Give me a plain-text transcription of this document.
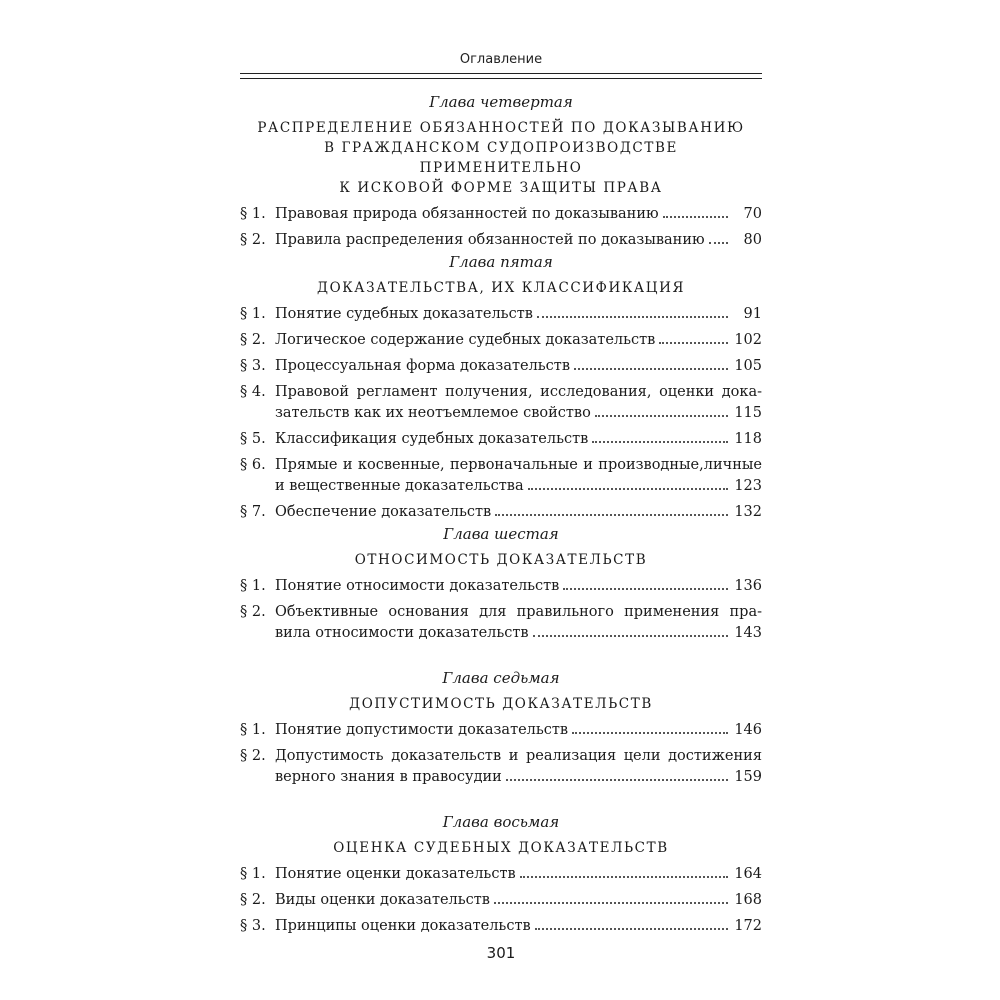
Оглавление
Глава четвертая
РАСПРЕДЕЛЕНИЕ ОБЯЗАННОСТЕЙ ПО ДОКАЗЫВАНИЮ
В ГРАЖДАНСКОМ СУДОПРОИЗВОДСТВЕ ПРИМЕНИТЕЛЬНО
К ИСКОВОЙ ФОРМЕ ЗАЩИТЫ ПРАВА
§ 1. Правовая природа обязанностей по доказыванию	70
§ 2. Правила распределения обязанностей по доказыванию	80
Глава пятая
ДОКАЗАТЕЛЬСТВА, ИХ КЛАССИФИКАЦИЯ
§ 1. Понятие судебных доказательств	91
§ 2. Логическое содержание судебных доказательств	102
§ 3. Процессуальная форма доказательств	105
§ 4. Правовой регламент получения, исследования, оценки дока-
зательств как их неотъемлемое свойство	115
§ 5. Классификация судебных доказательств	118
§ 6. Прямые и косвенные, первоначальные и производные,личные
и вещественные доказательства	123
§ 7. Обеспечение доказательств	132
Глава шестая
ОТНОСИМОСТЬ ДОКАЗАТЕЛЬСТВ
§ 1. Понятие относимости доказательств	136
§ 2. Объективные основания для правильного применения пра-
вила относимости доказательств	143
Глава седьмая
ДОПУСТИМОСТЬ ДОКАЗАТЕЛЬСТВ
§ 1. Понятие допустимости доказательств	146
§ 2. Допустимость доказательств и реализация цели достижения
верного знания в правосудии	159
Глава восьмая
ОЦЕНКА СУДЕБНЫХ ДОКАЗАТЕЛЬСТВ
§ 1. Понятие оценки доказательств	164
§ 2. Виды оценки доказательств	168
§ 3. Принципы оценки доказательств	172
301
